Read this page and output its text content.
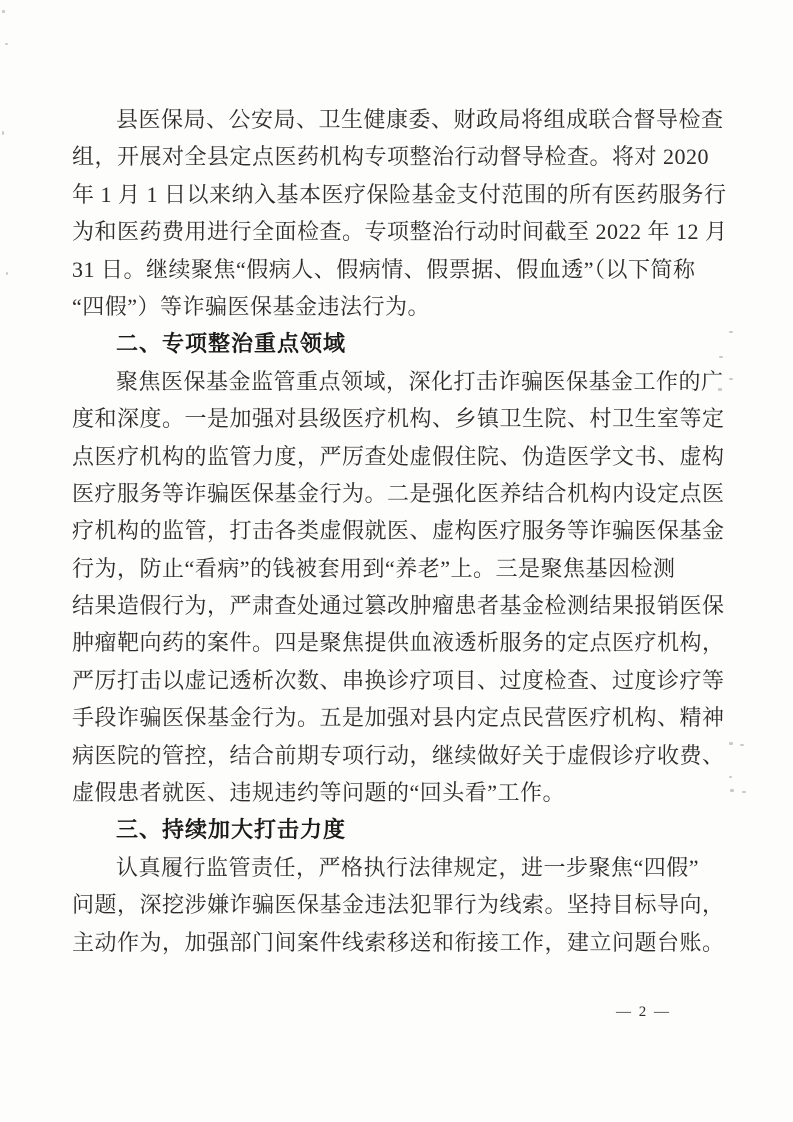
县医保局、公安局、卫生健康委、财政局将组成联合督导检查
组，开展对全县定点医药机构专项整治行动督导检查。将对 2020
年 1 月 1 日以来纳入基本医疗保险基金支付范围的所有医药服务行
为和医药费用进行全面检查。专项整治行动时间截至 2022 年 12 月
31 日。继续聚焦“假病人、假病情、假票据、假血透”（以下简称
“四假”）等诈骗医保基金违法行为。
二、专项整治重点领域
聚焦医保基金监管重点领域，深化打击诈骗医保基金工作的广
度和深度。一是加强对县级医疗机构、乡镇卫生院、村卫生室等定
点医疗机构的监管力度，严厉查处虚假住院、伪造医学文书、虚构
医疗服务等诈骗医保基金行为。二是强化医养结合机构内设定点医
疗机构的监管，打击各类虚假就医、虚构医疗服务等诈骗医保基金
行为，防止“看病”的钱被套用到“养老”上。三是聚焦基因检测
结果造假行为，严肃查处通过篡改肿瘤患者基金检测结果报销医保
肿瘤靶向药的案件。四是聚焦提供血液透析服务的定点医疗机构，
严厉打击以虚记透析次数、串换诊疗项目、过度检查、过度诊疗等
手段诈骗医保基金行为。五是加强对县内定点民营医疗机构、精神
病医院的管控，结合前期专项行动，继续做好关于虚假诊疗收费、
虚假患者就医、违规违约等问题的“回头看”工作。
三、持续加大打击力度
认真履行监管责任，严格执行法律规定，进一步聚焦“四假”
问题，深挖涉嫌诈骗医保基金违法犯罪行为线索。坚持目标导向，
主动作为，加强部门间案件线索移送和衔接工作，建立问题台账。
— 2 —
